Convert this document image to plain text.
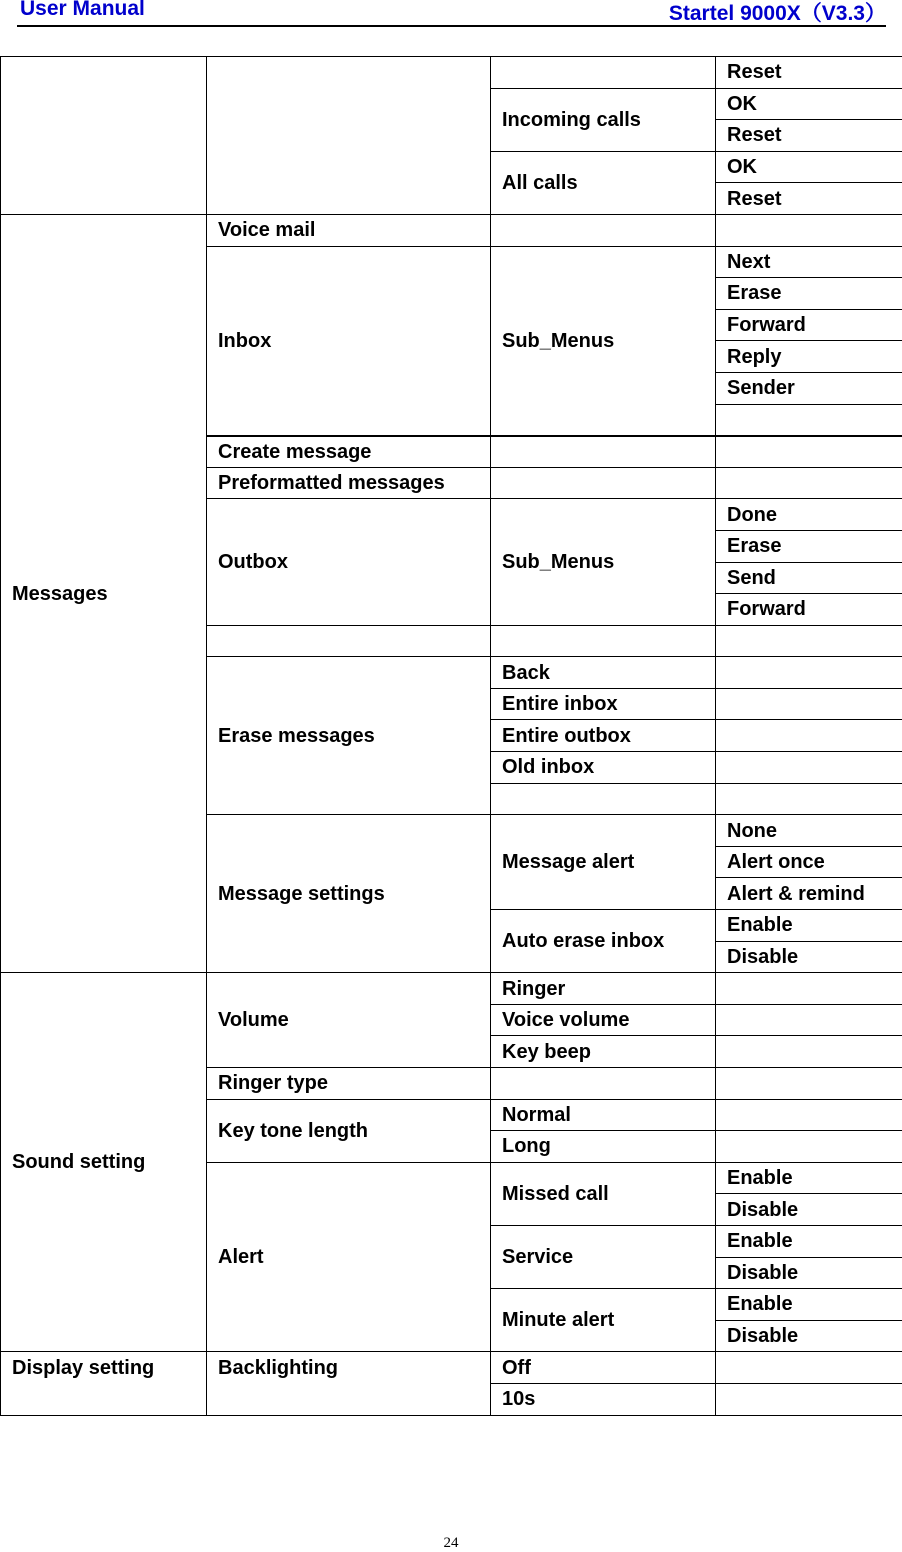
User Manual	Startel 9000X（V3.3）
			Reset
		Incoming calls	OK
			Reset
		All calls	OK
			Reset
Messages	Voice mail		
	Inbox	Sub_Menus	Next
			Erase
			Forward
			Reply
			Sender

	Create message		
	Preformatted messages		
	Outbox	Sub_Menus	Done
			Erase
			Send
			Forward

	Erase messages	Back	
		Entire inbox	
		Entire outbox	
		Old inbox	

	Message settings	Message alert	None
			Alert once
			Alert & remind
		Auto erase inbox	Enable
			Disable
Sound setting	Volume	Ringer	
		Voice volume	
		Key beep	
	Ringer type		
	Key tone length	Normal	
		Long	
	Alert	Missed call	Enable
			Disable
		Service	Enable
			Disable
		Minute alert	Enable
			Disable
Display setting	Backlighting	Off	
		10s	
24
